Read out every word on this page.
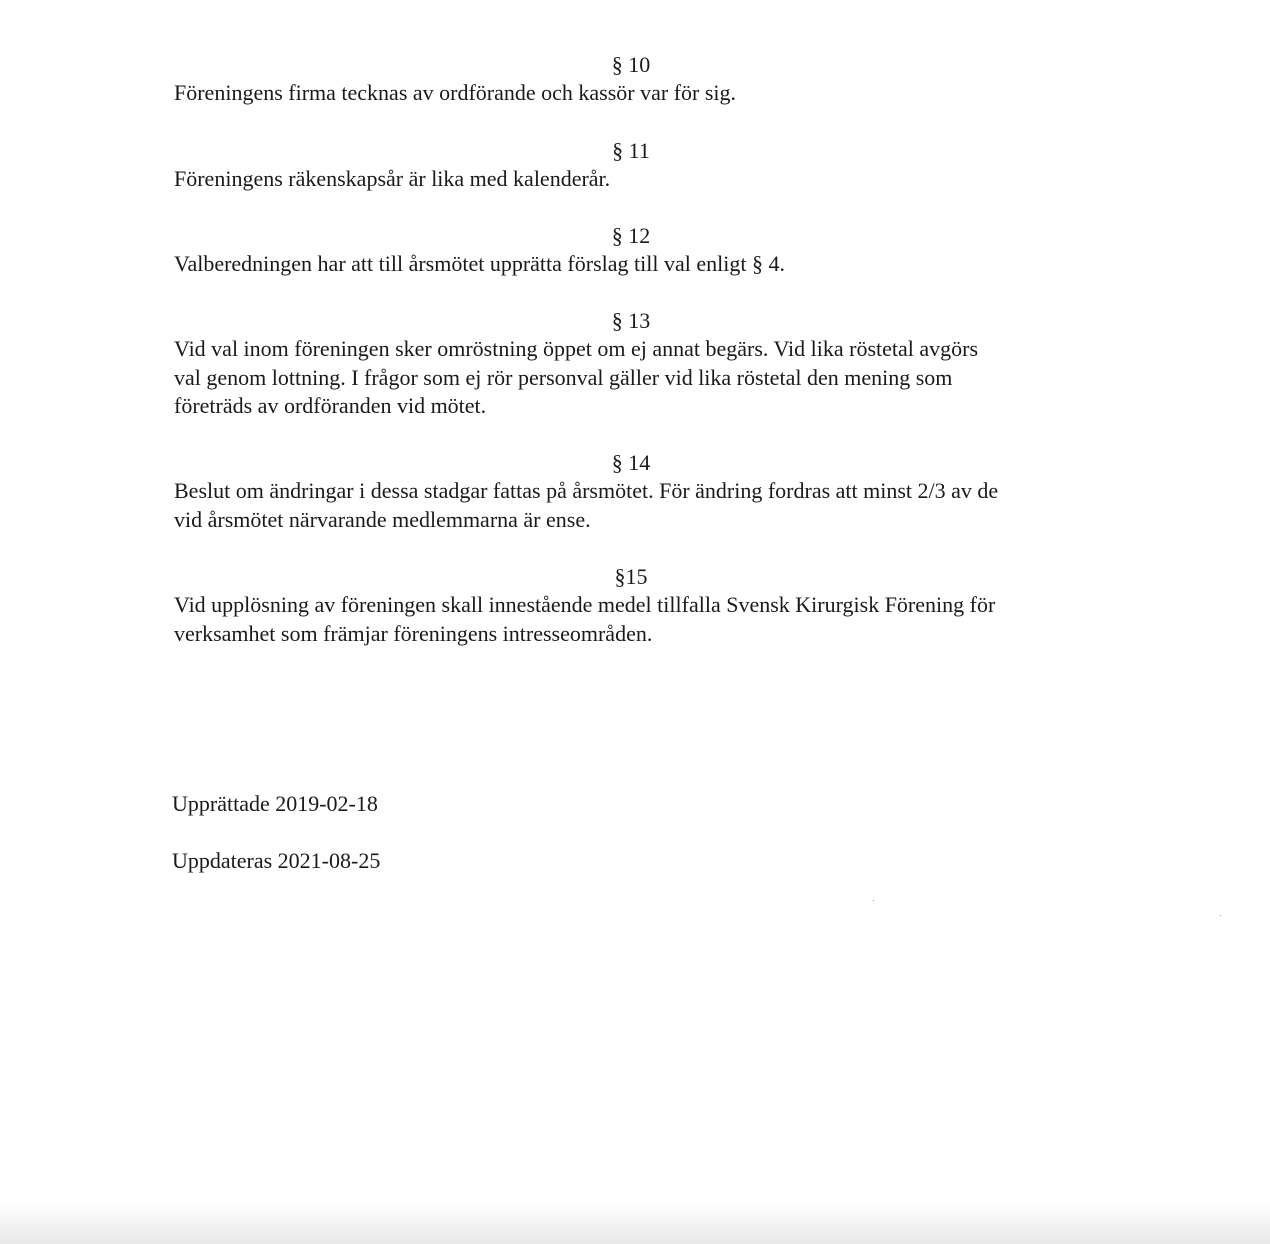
§ 10

Föreningens firma tecknas av ordförande och kassör var för sig.

§ 11

Föreningens räkenskapsår är lika med kalenderår.

§ 12

Valberedningen har att till årsmötet upprätta förslag till val enligt § 4.

§ 13

Vid val inom föreningen sker omröstning öppet om ej annat begärs. Vid lika röstetal avgörs
val genom lottning. I frågor som ej rör personval gäller vid lika röstetal den mening som
företräds av ordföranden vid mötet.

§ 14

Beslut om ändringar i dessa stadgar fattas på årsmötet. För ändring fordras att minst 2/3 av de
vid årsmötet närvarande medlemmarna är ense.

§15

Vid upplösning av föreningen skall innestående medel tillfalla Svensk Kirurgisk Förening för
verksamhet som främjar föreningens intresseområden.

Upprättade 2019-02-18
Uppdateras 2021-08-25
